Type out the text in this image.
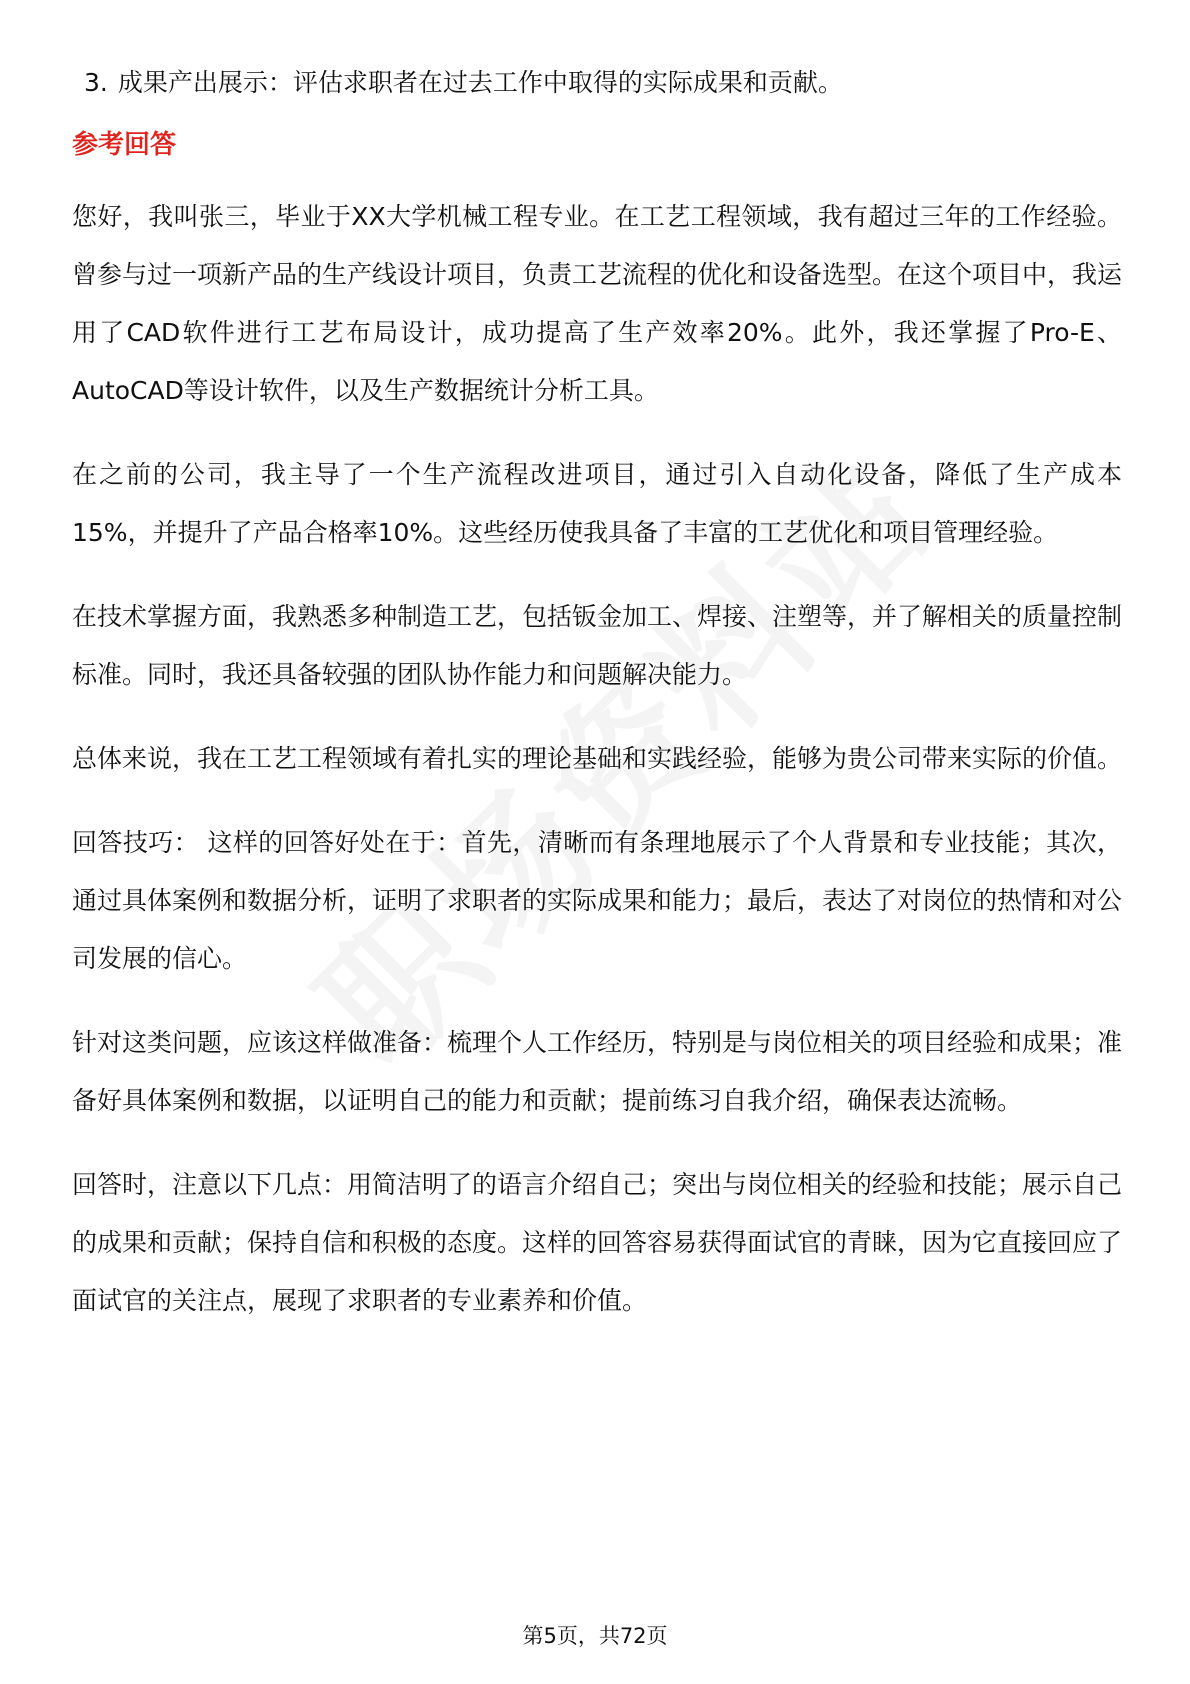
3. 成果产出展示：评估求职者在过去工作中取得的实际成果和贡献。
参考回答

您好，我叫张三，毕业于XX大学机械工程专业。在工艺工程领域，我有超过三年的工作经验。曾参与过一项新产品的生产线设计项目，负责工艺流程的优化和设备选型。在这个项目中，我运用了CAD软件进行工艺布局设计，成功提高了生产效率20%。此外，我还掌握了Pro-E、AutoCAD等设计软件，以及生产数据统计分析工具。

在之前的公司，我主导了一个生产流程改进项目，通过引入自动化设备，降低了生产成本15%，并提升了产品合格率10%。这些经历使我具备了丰富的工艺优化和项目管理经验。

在技术掌握方面，我熟悉多种制造工艺，包括钣金加工、焊接、注塑等，并了解相关的质量控制标准。同时，我还具备较强的团队协作能力和问题解决能力。

总体来说，我在工艺工程领域有着扎实的理论基础和实践经验，能够为贵公司带来实际的价值。

回答技巧： 这样的回答好处在于：首先，清晰而有条理地展示了个人背景和专业技能；其次，通过具体案例和数据分析，证明了求职者的实际成果和能力；最后，表达了对岗位的热情和对公司发展的信心。

针对这类问题，应该这样做准备：梳理个人工作经历，特别是与岗位相关的项目经验和成果；准备好具体案例和数据，以证明自己的能力和贡献；提前练习自我介绍，确保表达流畅。

回答时，注意以下几点：用简洁明了的语言介绍自己；突出与岗位相关的经验和技能；展示自己的成果和贡献；保持自信和积极的态度。这样的回答容易获得面试官的青睐，因为它直接回应了面试官的关注点，展现了求职者的专业素养和价值。

第5页，共72页
